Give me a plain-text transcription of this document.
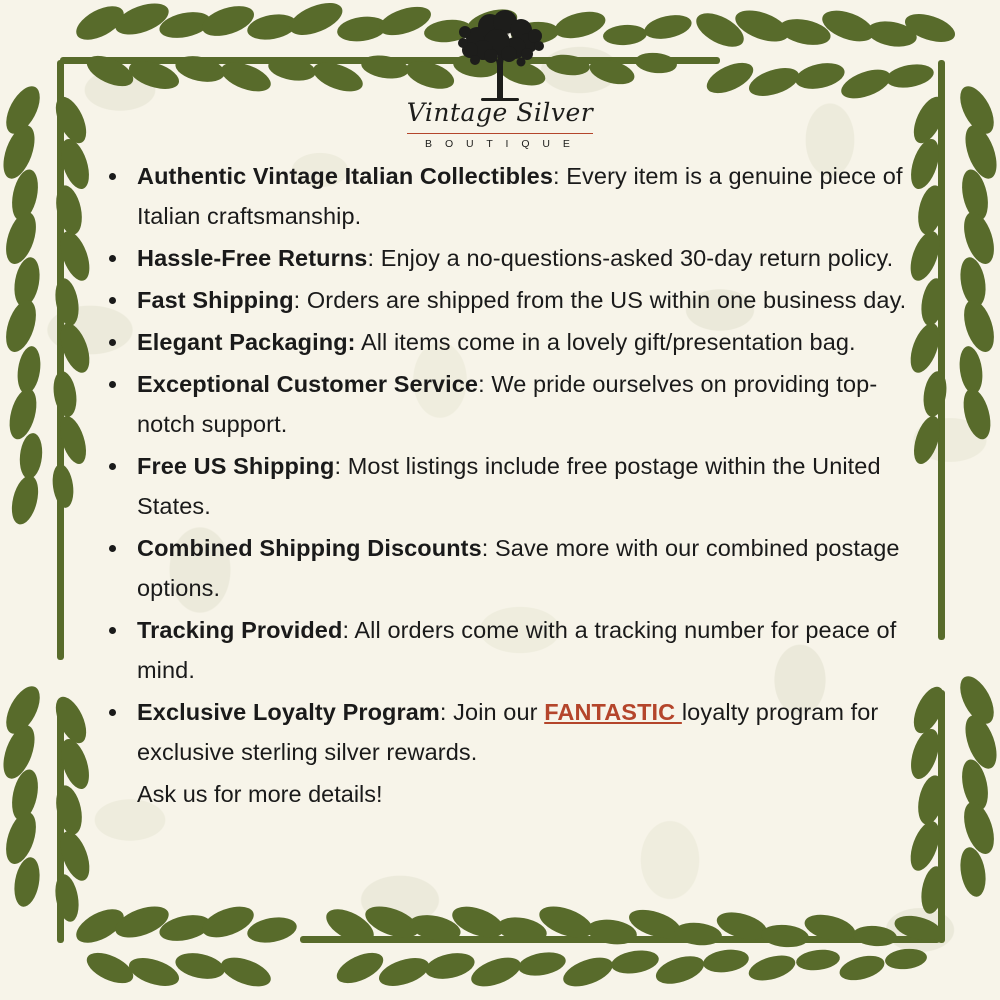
Vintage Silver
B O U T I Q U E
Authentic Vintage Italian Collectibles: Every item is a genuine piece of Italian craftsmanship.
Hassle-Free Returns: Enjoy a no-questions-asked 30-day return policy.
Fast Shipping: Orders are shipped from the US within one business day.
Elegant Packaging: All items come in a lovely gift/presentation bag.
Exceptional Customer Service: We pride ourselves on providing top-notch support.
Free US Shipping: Most listings include free postage within the United States.
Combined Shipping Discounts: Save more with our combined postage options.
Tracking Provided: All orders come with a tracking number for peace of mind.
Exclusive Loyalty Program: Join our FANTASTIC loyalty program for exclusive sterling silver rewards.
Ask us for more details!
